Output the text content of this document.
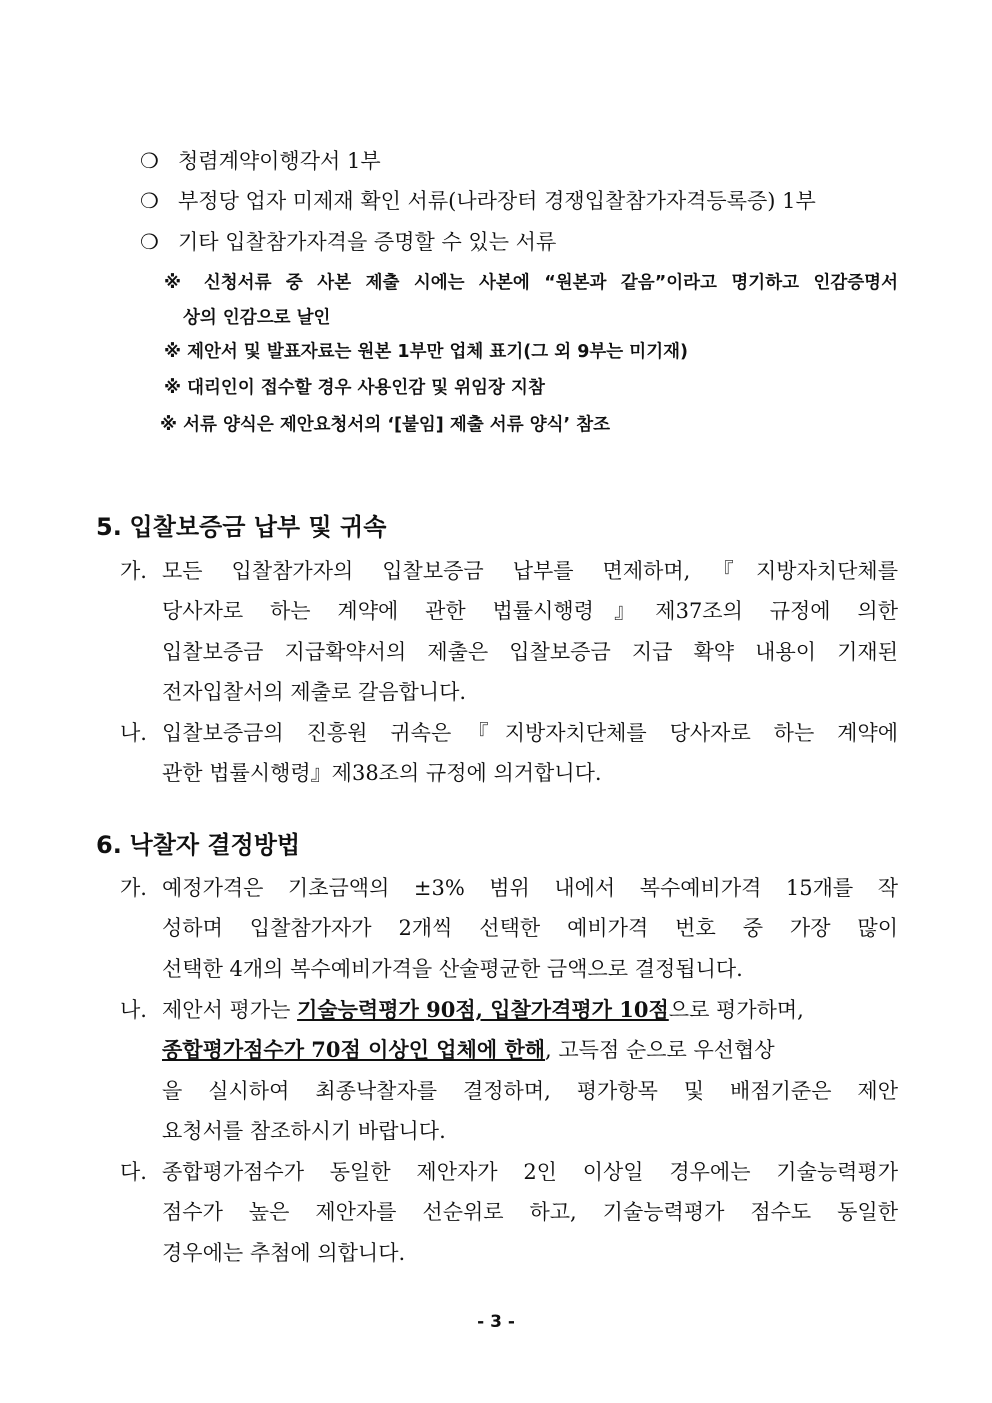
❍ 청렴계약이행각서 1부
❍ 부정당 업자 미제재 확인 서류(나라장터 경쟁입찰참가자격등록증) 1부
❍ 기타 입찰참가자격을 증명할 수 있는 서류
※ 신청서류 중 사본 제출 시에는 사본에 “원본과 같음”이라고 명기하고 인감증명서
상의 인감으로 날인
※ 제안서 및 발표자료는 원본 1부만 업체 표기(그 외 9부는 미기재)
※ 대리인이 접수할 경우 사용인감 및 위임장 지참
※ 서류 양식은 제안요청서의 ‘[붙임] 제출 서류 양식’ 참조
5. 입찰보증금 납부 및 귀속
가. 모든 입찰참가자의 입찰보증금 납부를 면제하며,『지방자치단체를
당사자로 하는 계약에 관한 법률시행령』제37조의 규정에 의한
입찰보증금 지급확약서의 제출은 입찰보증금 지급 확약 내용이 기재된
전자입찰서의 제출로 갈음합니다.
나. 입찰보증금의 진흥원 귀속은『지방자치단체를 당사자로 하는 계약에
관한 법률시행령』제38조의 규정에 의거합니다.
6. 낙찰자 결정방법
가. 예정가격은 기초금액의 ±3% 범위 내에서 복수예비가격 15개를 작
성하며 입찰참가자가 2개씩 선택한 예비가격 번호 중 가장 많이
선택한 4개의 복수예비가격을 산술평균한 금액으로 결정됩니다.
나. 제안서 평가는 기술능력평가 90점, 입찰가격평가 10점으로 평가하며,
종합평가점수가 70점 이상인 업체에 한해, 고득점 순으로 우선협상
을 실시하여 최종낙찰자를 결정하며, 평가항목 및 배점기준은 제안
요청서를 참조하시기 바랍니다.
다. 종합평가점수가 동일한 제안자가 2인 이상일 경우에는 기술능력평가
점수가 높은 제안자를 선순위로 하고, 기술능력평가 점수도 동일한
경우에는 추첨에 의합니다.
- 3 -
